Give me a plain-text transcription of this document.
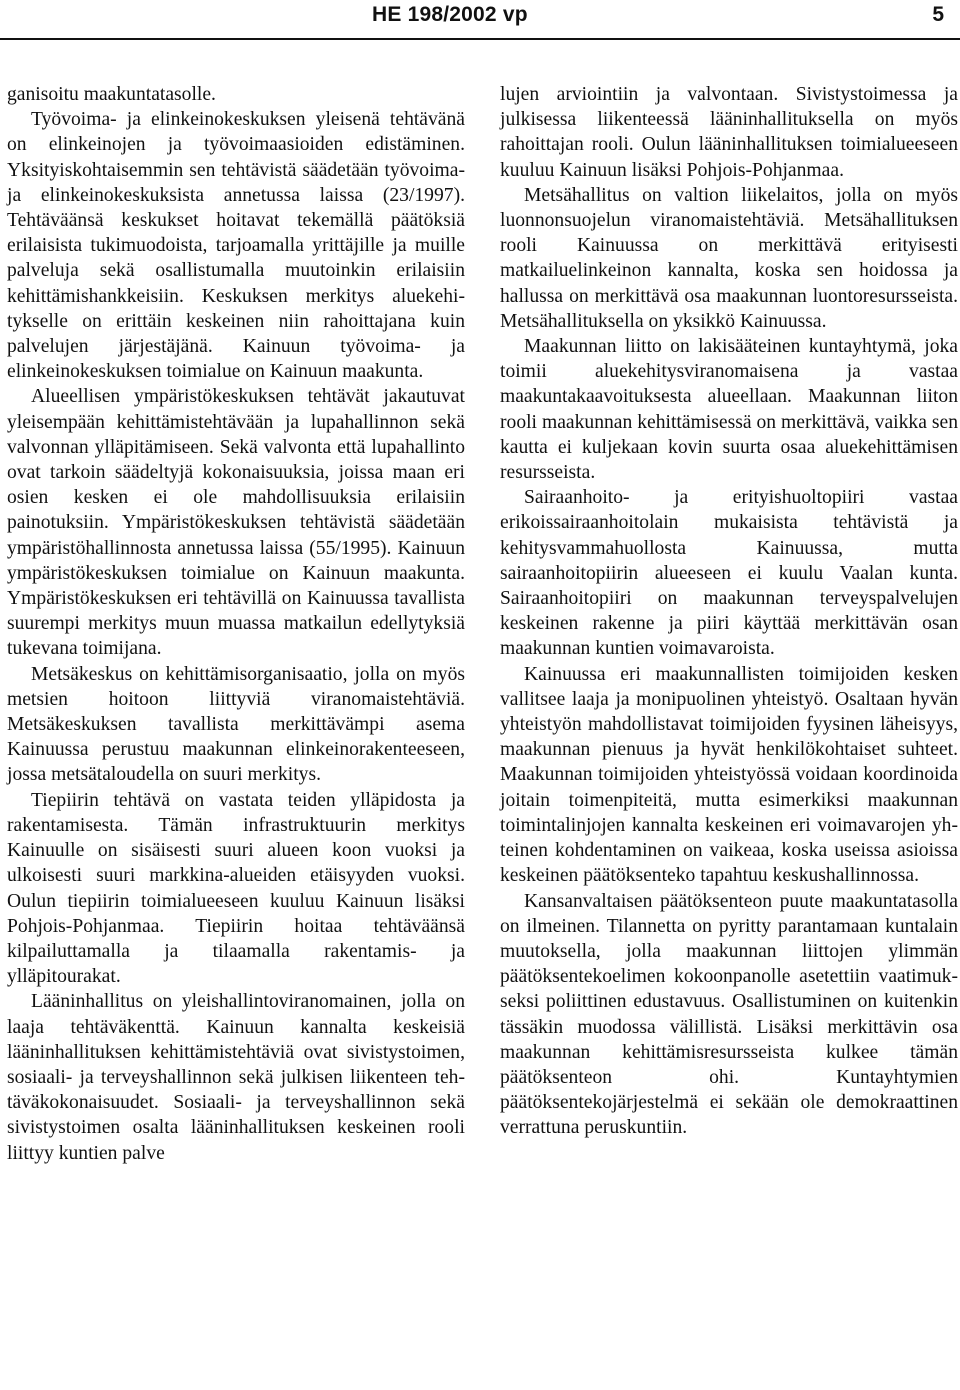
HE 198/2002 vp	5

ganisoitu maakuntatasolle.

Työvoima- ja elinkeinokeskuksen yleisenä tehtävänä on elinkeinojen ja työvoimaasioiden edistäminen. Yksityiskohtaisemmin sen tehtävistä säädetään työvoima- ja elinkeinokeskuksista annetussa laissa (23/1997). Tehtäväänsä keskukset hoitavat tekemällä päätöksiä erilaisista tukimuodoista, tarjoamalla yrittäjille ja muille palveluja sekä osallistumalla muutoinkin erilaisiin kehittämishankkeisiin. Keskuksen merkitys aluekehitykselle on erittäin keskeinen niin rahoittajana kuin palvelujen järjestäjänä. Kainuun työvoima- ja elinkeinokeskuksen toimialue on Kainuun maakunta.

Alueellisen ympäristökeskuksen tehtävät jakautuvat yleisempään kehittämistehtävään ja lupahallinnon sekä valvonnan ylläpitämiseen. Sekä valvonta että lupahallinto ovat tarkoin säädeltyjä kokonaisuuksia, joissa maan eri osien kesken ei ole mahdollisuuksia erilaisiin painotuksiin. Ympäristökeskuksen tehtävistä säädetään ympäristöhallinnosta annetussa laissa (55/1995). Kainuun ympäristökeskuksen toimialue on Kainuun maakunta. Ympäristökeskuksen eri tehtävillä on Kainuussa tavallista suurempi merkitys muun muassa matkailun edellytyksiä tukevana toimijana.

Metsäkeskus on kehittämisorganisaatio, jolla on myös metsien hoitoon liittyviä viranomaistehtäviä. Metsäkeskuksen tavallista merkittävämpi asema Kainuussa perustuu maakunnan elinkeinorakenteeseen, jossa metsätaloudella on suuri merkitys.

Tiepiirin tehtävä on vastata teiden ylläpidosta ja rakentamisesta. Tämän infrastruktuurin merkitys Kainuulle on sisäisesti suuri alueen koon vuoksi ja ulkoisesti suuri markkina-alueiden etäisyyden vuoksi. Oulun tiepiirin toimialueeseen kuuluu Kainuun lisäksi Pohjois-Pohjanmaa. Tiepiirin hoitaa tehtäväänsä kilpailuttamalla ja tilaamalla rakentamis- ja ylläpitourakat.

Lääninhallitus on yleishallintoviranomainen, jolla on laaja tehtäväkenttä. Kainuun kannalta keskeisiä lääninhallituksen kehittämistehtäviä ovat sivistystoimen, sosiaali- ja terveyshallinnon sekä julkisen liikenteen tehtäväkokonaisuudet. Sosiaali- ja terveyshallinnon sekä sivistystoimen osalta lääninhallituksen keskeinen rooli liittyy kuntien palve

lujen arviointiin ja valvontaan. Sivistystoimessa ja julkisessa liikenteessä lääninhallituksella on myös rahoittajan rooli. Oulun lääninhallituksen toimialueeseen kuuluu Kainuun lisäksi Pohjois-Pohjanmaa.

Metsähallitus on valtion liikelaitos, jolla on myös luonnonsuojelun viranomaistehtäviä. Metsähallituksen rooli Kainuussa on merkittävä erityisesti matkailuelinkeinon kannalta, koska sen hoidossa ja hallussa on merkittävä osa maakunnan luontoresursseista. Metsähallituksella on yksikkö Kainuussa.

Maakunnan liitto on lakisääteinen kuntayhtymä, joka toimii aluekehitysviranomaisena ja vastaa maakuntakaavoituksesta alueellaan. Maakunnan liiton rooli maakunnan kehittämisessä on merkittävä, vaikka sen kautta ei kuljekaan kovin suurta osaa aluekehittämisen resursseista.

Sairaanhoito- ja erityishuoltopiiri vastaa erikoissairaanhoitolain mukaisista tehtävistä ja kehitysvammahuollosta Kainuussa, mutta sairaanhoitopiirin alueeseen ei kuulu Vaalan kunta. Sairaanhoitopiiri on maakunnan terveyspalvelujen keskeinen rakenne ja piiri käyttää merkittävän osan maakunnan kuntien voimavaroista.

Kainuussa eri maakunnallisten toimijoiden kesken vallitsee laaja ja monipuolinen yhteistyö. Osaltaan hyvän yhteistyön mahdollistavat toimijoiden fyysinen läheisyys, maakunnan pienuus ja hyvät henkilökohtaiset suhteet. Maakunnan toimijoiden yhteistyössä voidaan koordinoida joitain toimenpiteitä, mutta esimerkiksi maakunnan toimintalinjojen kannalta keskeinen eri voimavarojen yhteinen kohdentaminen on vaikeaa, koska useissa asioissa keskeinen päätöksenteko tapahtuu keskushallinnossa.

Kansanvaltaisen päätöksenteon puute maakuntatasolla on ilmeinen. Tilannetta on pyritty parantamaan kuntalain muutoksella, jolla maakunnan liittojen ylimmän päätöksentekoelimen kokoonpanolle asetettiin vaatimukseksi poliittinen edustavuus. Osallistuminen on kuitenkin tässäkin muodossa välillistä. Lisäksi merkittävin osa maakunnan kehittämisresursseista kulkee tämän päätöksenteon ohi. Kuntayhtymien päätöksentekojärjestelmä ei sekään ole demokraattinen verrattuna peruskuntiin.
